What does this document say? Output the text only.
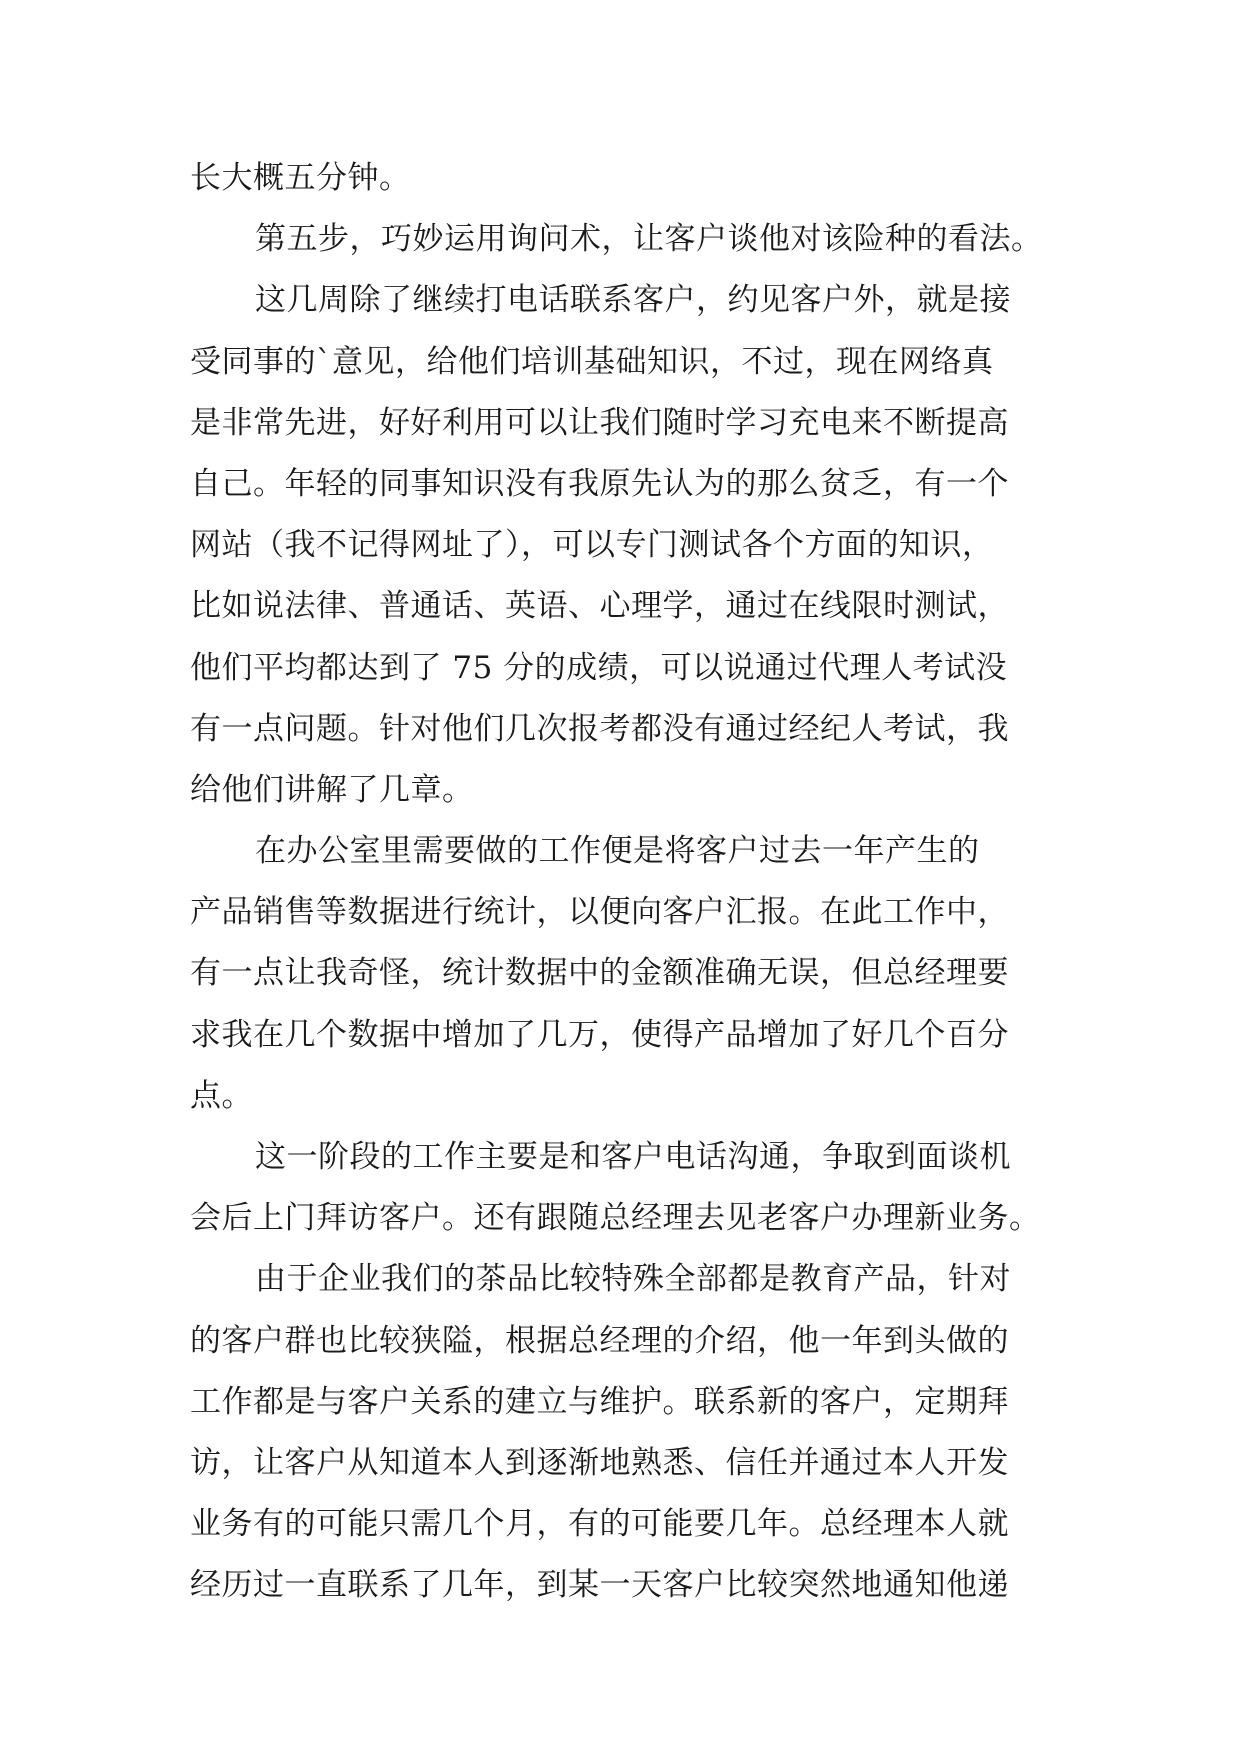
长大概五分钟。
第五步，巧妙运用询问术，让客户谈他对该险种的看法。
这几周除了继续打电话联系客户，约见客户外，就是接
受同事的`意见，给他们培训基础知识，不过，现在网络真
是非常先进，好好利用可以让我们随时学习充电来不断提高
自己。年轻的同事知识没有我原先认为的那么贫乏，有一个
网站（我不记得网址了），可以专门测试各个方面的知识，
比如说法律、普通话、英语、心理学，通过在线限时测试，
他们平均都达到了 75 分的成绩，可以说通过代理人考试没
有一点问题。针对他们几次报考都没有通过经纪人考试，我
给他们讲解了几章。
在办公室里需要做的工作便是将客户过去一年产生的
产品销售等数据进行统计，以便向客户汇报。在此工作中，
有一点让我奇怪，统计数据中的金额准确无误，但总经理要
求我在几个数据中增加了几万，使得产品增加了好几个百分
点。
这一阶段的工作主要是和客户电话沟通，争取到面谈机
会后上门拜访客户。还有跟随总经理去见老客户办理新业务。
由于企业我们的茶品比较特殊全部都是教育产品，针对
的客户群也比较狭隘，根据总经理的介绍，他一年到头做的
工作都是与客户关系的建立与维护。联系新的客户，定期拜
访，让客户从知道本人到逐渐地熟悉、信任并通过本人开发
业务有的可能只需几个月，有的可能要几年。总经理本人就
经历过一直联系了几年，到某一天客户比较突然地通知他递
